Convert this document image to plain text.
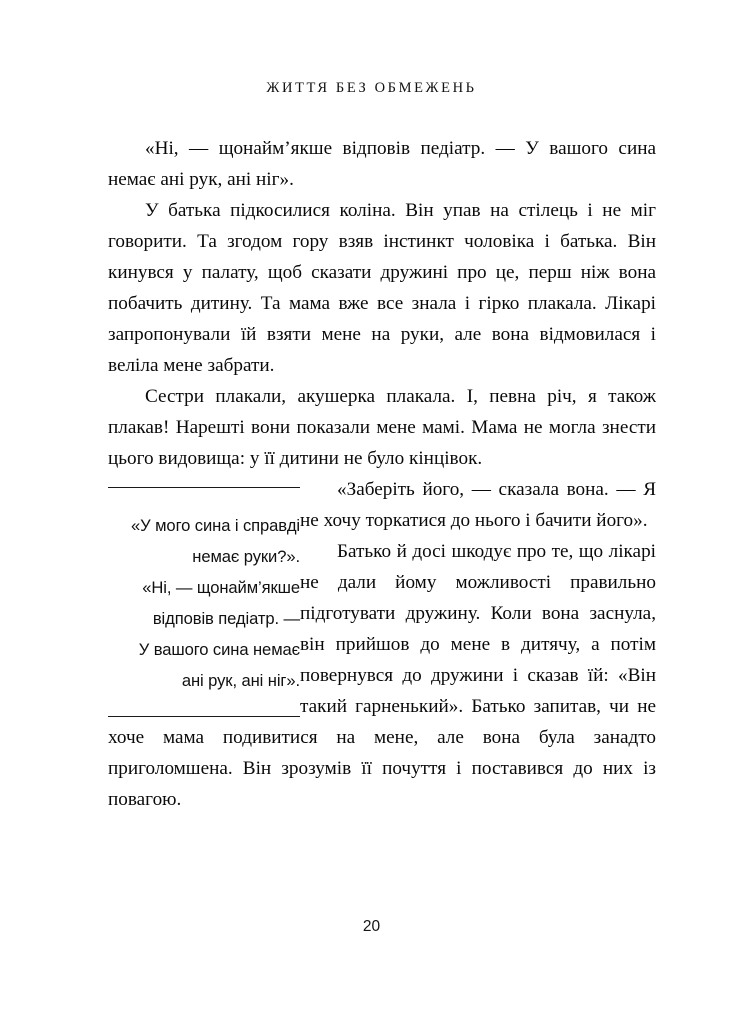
ЖИТТЯ БЕЗ ОБМЕЖЕНЬ

«Ні, — щонайм’якше відповів педіатр. — У вашого сина немає ані рук, ані ніг».

У батька підкосилися коліна. Він упав на стілець і не міг говорити. Та згодом гору взяв інстинкт чоловіка і батька. Він кинувся у палату, щоб сказати дружині про це, перш ніж вона побачить дитину. Та мама вже все знала і гірко плакала. Лікарі запропонували їй взяти мене на руки, але вона відмовилася і веліла мене забрати.

Сестри плакали, акушерка плакала. І, певна річ, я також плакав! Нарешті вони показали мене мамі. Мама не могла знести цього видовища: у її дитини не було кінцівок.

«У мого сина і справді
немає руки?».
«Ні, — щонайм’якше
відповів педіатр. —
У вашого сина немає
ані рук, ані ніг».

«Заберіть його, — сказала вона. — Я не хочу торкатися до нього і бачити його».

Батько й досі шкодує про те, що лікарі не дали йому можливості правильно підготувати дружину. Коли вона заснула, він прийшов до мене в дитячу, а потім повернувся до дружини і сказав їй: «Він такий гарненький». Батько запитав, чи не хоче мама подивитися на мене, але вона була занадто приголомшена. Він зрозумів її почуття і поставився до них із повагою.

20
